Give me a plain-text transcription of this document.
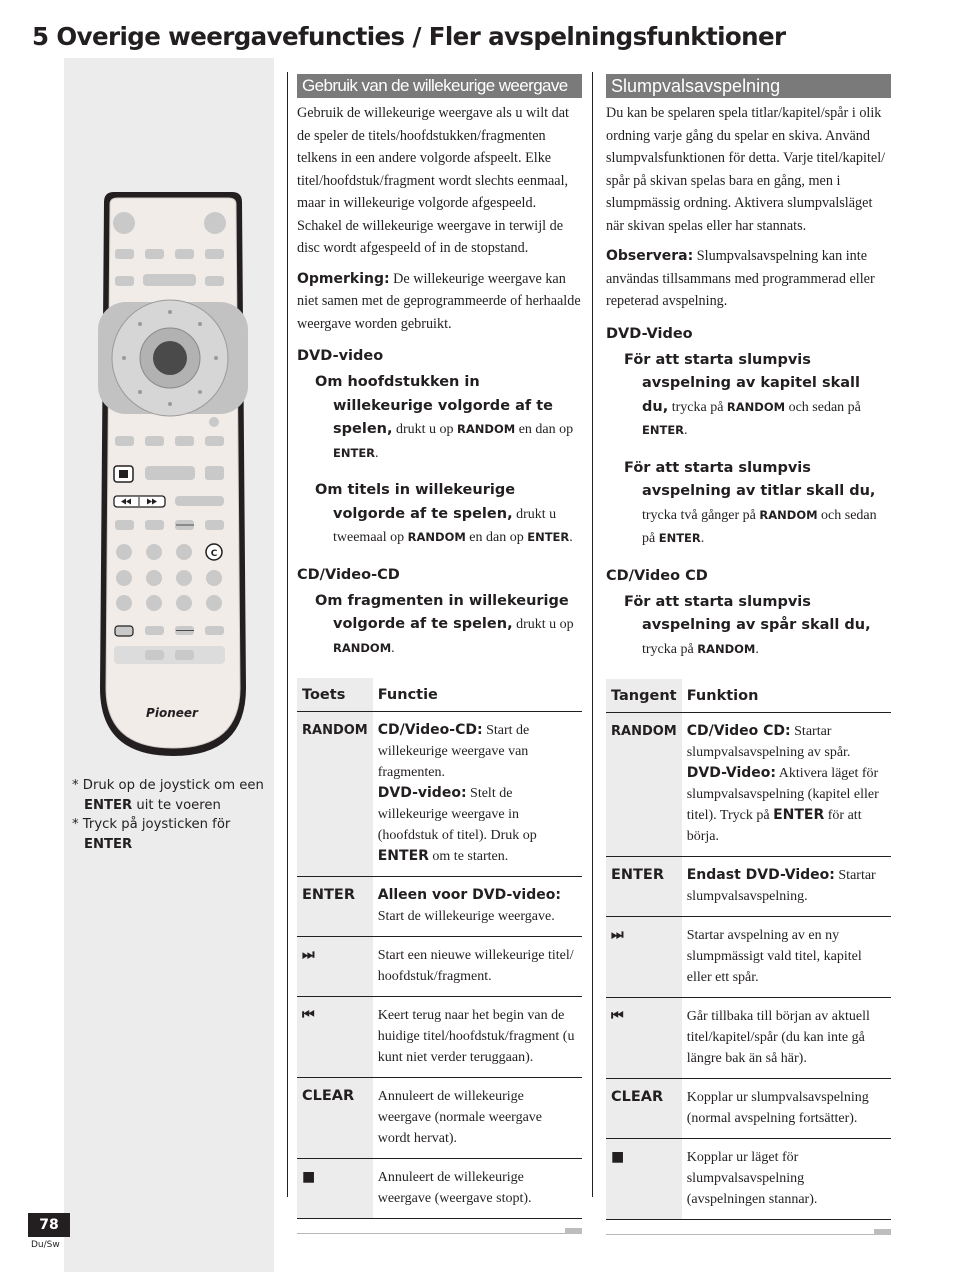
5 Overige weergavefuncties / Fler avspelningsfunktioner
C
Pioneer
* Druk op de joystick om een ENTER uit te voeren
* Tryck på joysticken för ENTER
Gebruik van de willekeurige weergave

Gebruik de willekeurige weergave als u wilt dat de speler de titels/hoofdstukken/fragmenten telkens in een andere volgorde afspeelt. Elke titel/hoofdstuk/fragment wordt slechts eenmaal, maar in willekeurige volgorde afgespeeld. Schakel de willekeurige weergave in terwijl de disc wordt afgespeeld of in de stopstand.

Opmerking: De willekeurige weergave kan niet samen met de geprogrammeerde of herhaalde weergave worden gebruikt.

DVD-video

Om hoofdstukken in willekeurige volgorde af te spelen, drukt u op RANDOM en dan op ENTER.

Om titels in willekeurige volgorde af te spelen, drukt u tweemaal op RANDOM en dan op ENTER.

CD/Video-CD

Om fragmenten in willekeurige volgorde af te spelen, drukt u op RANDOM.

Toets	Functie
RANDOM	CD/Video-CD: Start de willekeurige weergave van fragmenten.
DVD-video: Stelt de willekeurige weergave in (hoofdstuk of titel). Druk op ENTER om te starten.
ENTER	Alleen voor DVD-video: Start de willekeurige weergave.
⏭	Start een nieuwe willekeurige titel/ hoofdstuk/fragment.
⏮	Keert terug naar het begin van de huidige titel/hoofdstuk/fragment (u kunt niet verder teruggaan).
CLEAR	Annuleert de willekeurige weergave (normale weergave wordt hervat).
■	Annuleert de willekeurige weergave (weergave stopt).
Slumpvalsavspelning

Du kan be spelaren spela titlar/kapitel/spår i olik ordning varje gång du spelar en skiva. Använd slumpvalsfunktionen för detta. Varje titel/kapitel/ spår på skivan spelas bara en gång, men i slumpmässig ordning. Aktivera slumpvalsläget när skivan spelas eller har stannats.

Observera: Slumpvalsavspelning kan inte användas tillsammans med programmerad eller repeterad avspelning.

DVD-Video

För att starta slumpvis avspelning av kapitel skall du, trycka på RANDOM och sedan på ENTER.

För att starta slumpvis avspelning av titlar skall du, trycka två gånger på RANDOM och sedan på ENTER.

CD/Video CD

För att starta slumpvis avspelning av spår skall du, trycka på RANDOM.

Tangent	Funktion
RANDOM	CD/Video CD: Startar slumpvalsavspelning av spår.
DVD-Video: Aktivera läget för slumpvalsavspelning (kapitel eller titel). Tryck på ENTER för att börja.
ENTER	Endast DVD-Video: Startar slumpvalsavspelning.
⏭	Startar avspelning av en ny slumpmässigt vald titel, kapitel eller ett spår.
⏮	Går tillbaka till början av aktuell titel/kapitel/spår (du kan inte gå längre bak än så här).
CLEAR	Kopplar ur slumpvalsavspelning (normal avspelning fortsätter).
■	Kopplar ur läget för slumpvalsavspelning (avspelningen stannar).
78
Du/Sw
